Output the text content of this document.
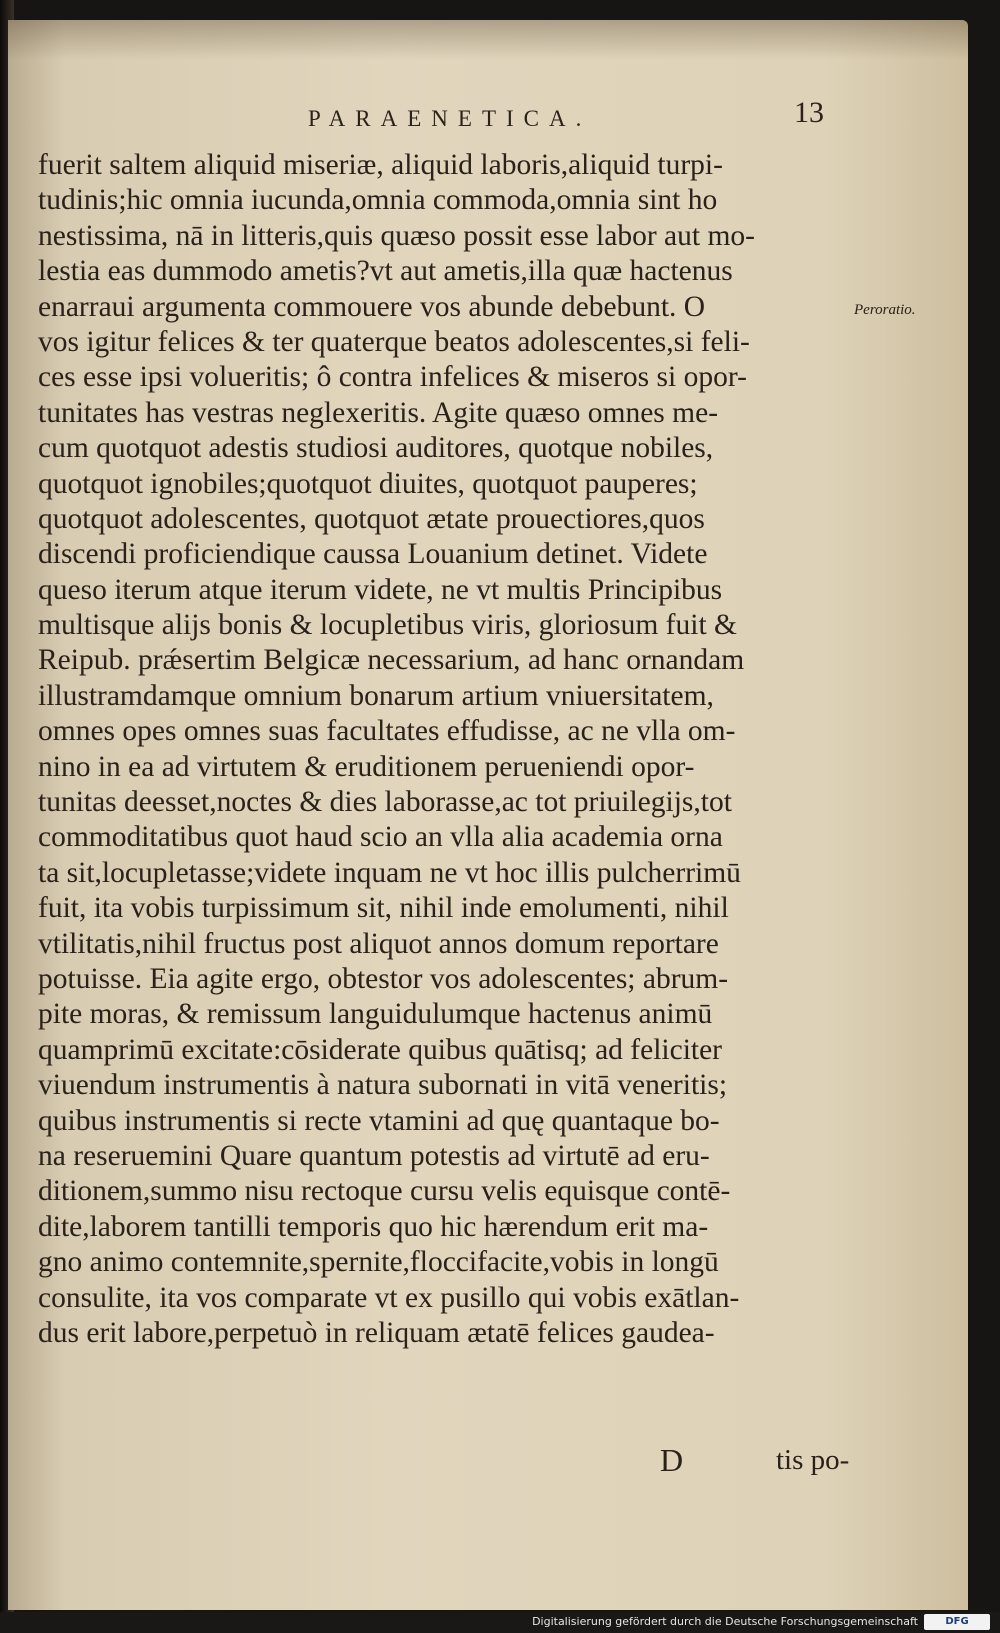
PARAENETICA.	13
Peroratio.
fuerit saltem aliquid miseriæ, aliquid laboris,aliquid turpi-
tudinis;hic omnia iucunda,omnia commoda,omnia sint ho
nestissima, nā in litteris,quis quæso possit esse labor aut mo-
lestia eas dummodo ametis?vt aut ametis,illa quæ hactenus
enarraui argumenta commouere vos abunde debebunt. O
vos igitur felices & ter quaterque beatos adolescentes,si feli-
ces esse ipsi volueritis; ô contra infelices & miseros si opor-
tunitates has vestras neglexeritis. Agite quæso omnes me-
cum quotquot adestis studiosi auditores, quotque nobiles,
quotquot ignobiles;quotquot diuites, quotquot pauperes;
quotquot adolescentes, quotquot ætate prouectiores,quos
discendi proficiendique caussa Louanium detinet. Videte
queso iterum atque iterum videte, ne vt multis Principibus
multisque alijs bonis & locupletibus viris, gloriosum fuit &
Reipub. prǽsertim Belgicæ necessarium, ad hanc ornandam
illustramdamque omnium bonarum artium vniuersitatem,
omnes opes omnes suas facultates effudisse, ac ne vlla om-
nino in ea ad virtutem & eruditionem perueniendi opor-
tunitas deesset,noctes & dies laborasse,ac tot priuilegijs,tot
commoditatibus quot haud scio an vlla alia academia orna
ta sit,locupletasse;videte inquam ne vt hoc illis pulcherrimū
fuit, ita vobis turpissimum sit, nihil inde emolumenti, nihil
vtilitatis,nihil fructus post aliquot annos domum reportare
potuisse. Eia agite ergo, obtestor vos adolescentes; abrum-
pite moras, & remissum languidulumque hactenus animū
quamprimū excitate:cōsiderate quibus quātisq; ad feliciter
viuendum instrumentis à natura subornati in vitā veneritis;
quibus instrumentis si recte vtamini ad quę quantaque bo-
na reseruemini Quare quantum potestis ad virtutē ad eru-
ditionem,summo nisu rectoque cursu velis equisque contē-
dite,laborem tantilli temporis quo hic hærendum erit ma-
gno animo contemnite,spernite,floccifacite,vobis in longū
consulite, ita vos comparate vt ex pusillo qui vobis exātlan-
dus erit labore,perpetuò in reliquam ætatē felices gaudea-
D	tis po-
Digitalisierung gefördert durch die Deutsche Forschungsgemeinschaft	DFG
